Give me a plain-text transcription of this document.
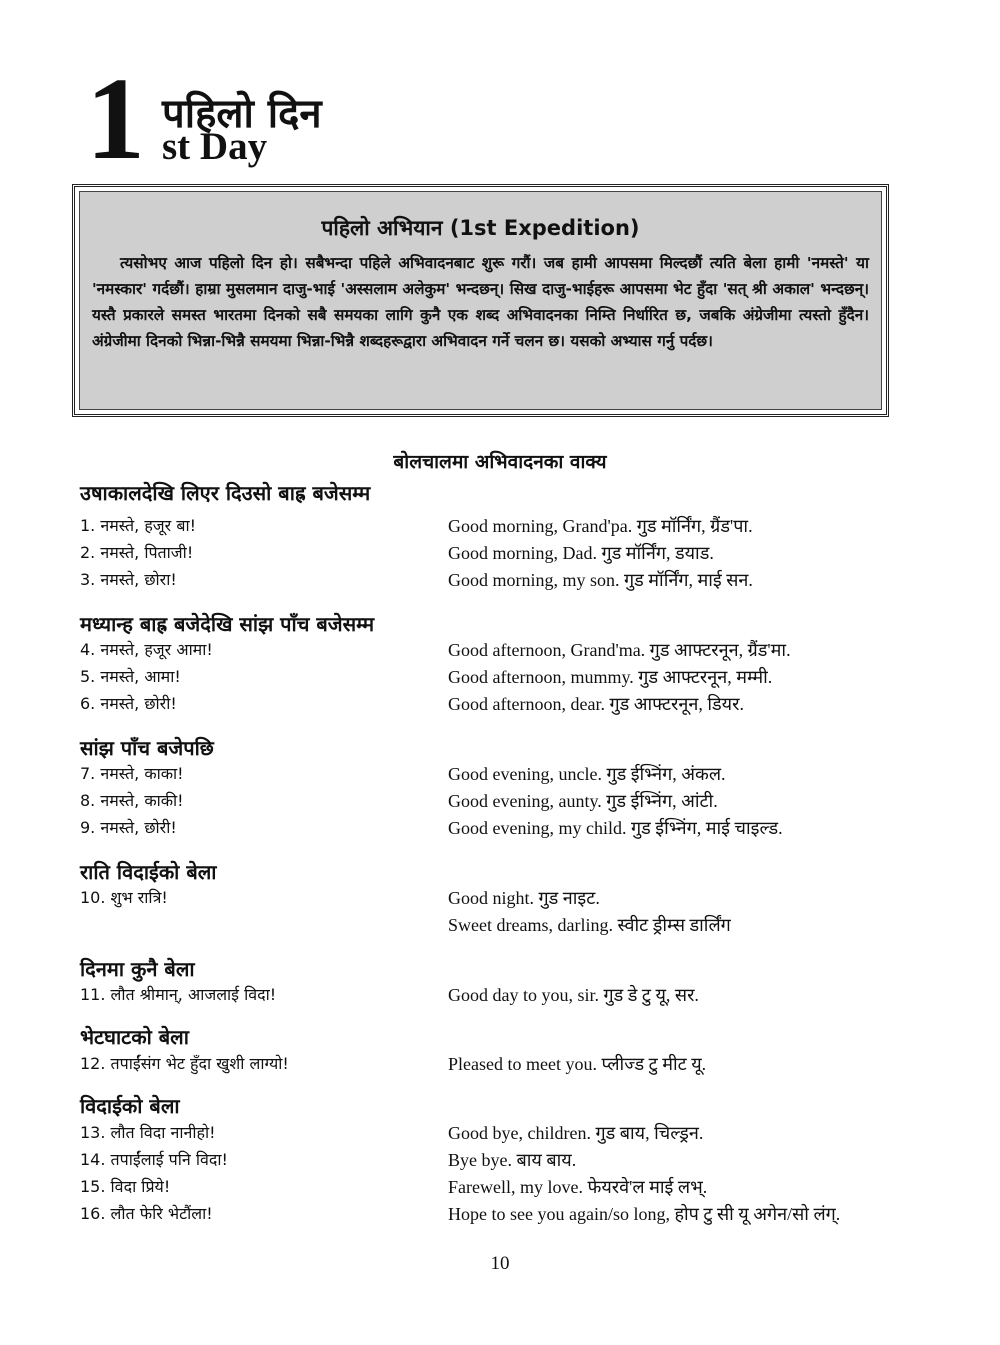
1 पहिलो दिन
st Day
पहिलो अभियान (1st Expedition)
त्यसोभए आज पहिलो दिन हो। सबैभन्दा पहिले अभिवादनबाट शुरू गरौं। जब हामी आपसमा मिल्दछौं त्यति बेला हामी 'नमस्ते' या 'नमस्कार' गर्दछौं। हाम्रा मुसलमान दाजु-भाई 'अस्सलाम अलेकुम' भन्दछन्। सिख दाजु-भाईहरू आपसमा भेट हुँदा 'सत् श्री अकाल' भन्दछन्। यस्तै प्रकारले समस्त भारतमा दिनको सबै समयका लागि कुनै एक शब्द अभिवादनका निम्ति निर्धारित छ, जबकि अंग्रेजीमा त्यस्तो हुँदैन। अंग्रेजीमा दिनको भिन्ना-भिन्नै समयमा भिन्ना-भिन्नै शब्दहरूद्वारा अभिवादन गर्ने चलन छ। यसको अभ्यास गर्नु पर्दछ।
बोलचालमा अभिवादनका वाक्य
उषाकालदेखि लिएर दिउसो बाह्र बजेसम्म
1. नमस्ते, हजूर बा!	Good morning, Grand'pa. गुड मॉर्निंग, ग्रैंड'पा.
2. नमस्ते, पिताजी!	Good morning, Dad. गुड मॉर्निंग, डयाड.
3. नमस्ते, छोरा!	Good morning, my son. गुड मॉर्निंग, माई सन.
मध्यान्ह बाह्र बजेदेखि सांझ पाँच बजेसम्म
4. नमस्ते, हजूर आमा!	Good afternoon, Grand'ma. गुड आफ्टरनून, ग्रैंड'मा.
5. नमस्ते, आमा!	Good afternoon, mummy. गुड आफ्टरनून, मम्मी.
6. नमस्ते, छोरी!	Good afternoon, dear. गुड आफ्टरनून, डियर.
सांझ पाँच बजेपछि
7. नमस्ते, काका!	Good evening, uncle. गुड ईभ्निंग, अंकल.
8. नमस्ते, काकी!	Good evening, aunty. गुड ईभ्निंग, आंटी.
9. नमस्ते, छोरी!	Good evening, my child. गुड ईभ्निंग, माई चाइल्ड.
राति विदाईको बेला
10. शुभ रात्रि!	Good night. गुड नाइट.
Sweet dreams, darling. स्वीट ड्रीम्स डार्लिंग
दिनमा कुनै बेला
11. लौत श्रीमान्, आजलाई विदा!	Good day to you, sir. गुड डे टु यू, सर.
भेटघाटको बेला
12. तपाईंसंग भेट हुँदा खुशी लाग्यो!	Pleased to meet you. प्लीज्ड टु मीट यू.
विदाईको बेला
13. लौत विदा नानीहो!	Good bye, children. गुड बाय, चिल्ड्रन.
14. तपाईंलाई पनि विदा!	Bye bye. बाय बाय.
15. विदा प्रिये!	Farewell, my love. फेयरवे'ल माई लभ्.
16. लौत फेरि भेटौंला!	Hope to see you again/so long, होप टु सी यू अगेन/सो लंग्.
10
